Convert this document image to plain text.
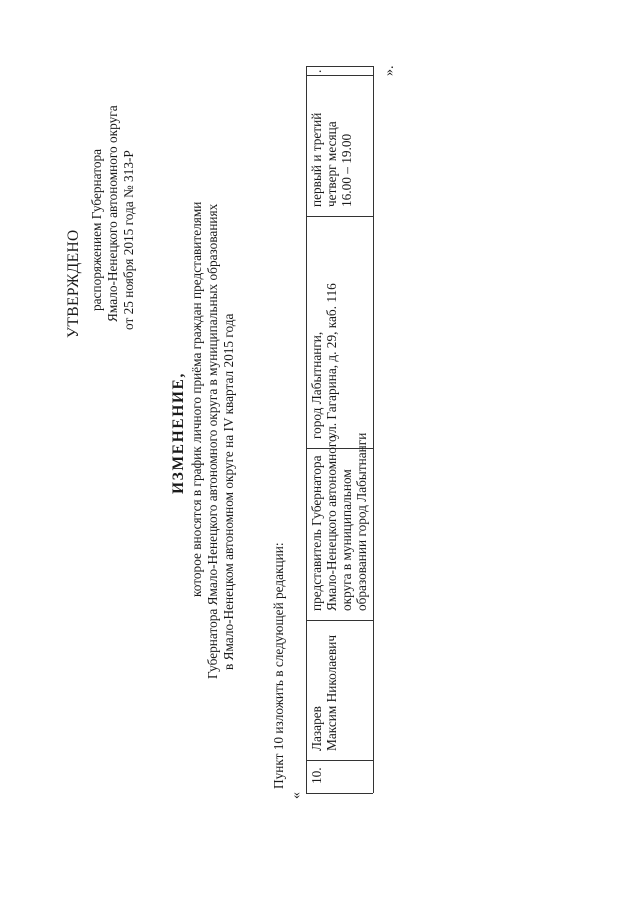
УТВЕРЖДЕНО распоряжением Губернатора Ямало-Ненецкого автономного округа от 25 ноября 2015 года № 313-Р
ИЗМЕНЕНИЕ, которое вносятся в график личного приёма граждан представителями Губернатора Ямало-Ненецкого автономного округа в муниципальных образованиях в Ямало-Ненецком автономном округе на IV квартал 2015 года	Пункт 10 изложить в следующей редакции:
«
».
10.
Лазарев Максим Николаевич
представитель Губернатора Ямало-Ненецкого автономного округа в муниципальном образовании город Лабытнанги
город Лабытнанги, ул. Гагарина, д. 29, каб. 116
первый и третий четверг месяца 16.00 – 19.00
.
